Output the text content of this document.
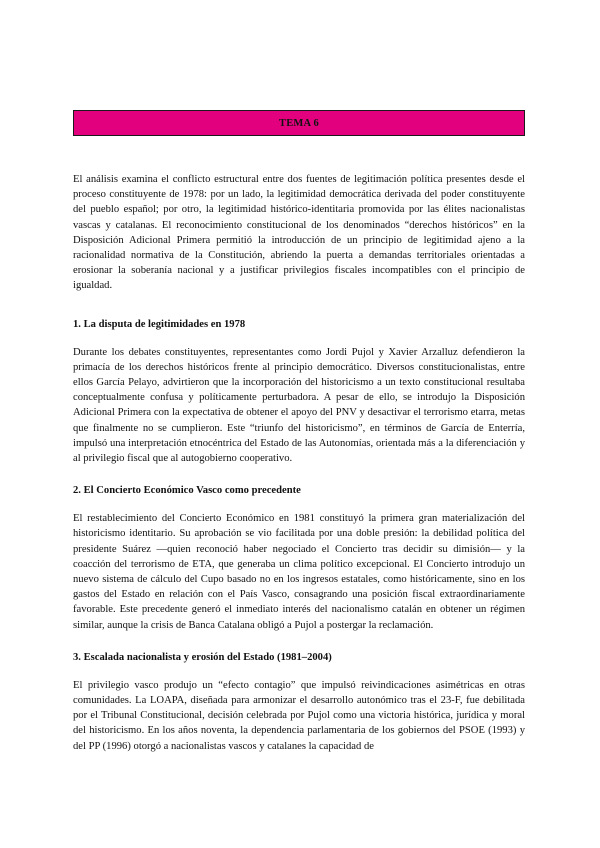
TEMA 6

El análisis examina el conflicto estructural entre dos fuentes de legitimación política presentes desde el proceso constituyente de 1978: por un lado, la legitimidad democrática derivada del poder constituyente del pueblo español; por otro, la legitimidad histórico-identitaria promovida por las élites nacionalistas vascas y catalanas. El reconocimiento constitucional de los denominados “derechos históricos” en la Disposición Adicional Primera permitió la introducción de un principio de legitimidad ajeno a la racionalidad normativa de la Constitución, abriendo la puerta a demandas territoriales orientadas a erosionar la soberanía nacional y a justificar privilegios fiscales incompatibles con el principio de igualdad.

1. La disputa de legitimidades en 1978

Durante los debates constituyentes, representantes como Jordi Pujol y Xavier Arzalluz defendieron la primacía de los derechos históricos frente al principio democrático. Diversos constitucionalistas, entre ellos García Pelayo, advirtieron que la incorporación del historicismo a un texto constitucional resultaba conceptualmente confusa y políticamente perturbadora. A pesar de ello, se introdujo la Disposición Adicional Primera con la expectativa de obtener el apoyo del PNV y desactivar el terrorismo etarra, metas que finalmente no se cumplieron. Este “triunfo del historicismo”, en términos de García de Enterría, impulsó una interpretación etnocéntrica del Estado de las Autonomías, orientada más a la diferenciación y al privilegio fiscal que al autogobierno cooperativo.

2. El Concierto Económico Vasco como precedente

El restablecimiento del Concierto Económico en 1981 constituyó la primera gran materialización del historicismo identitario. Su aprobación se vio facilitada por una doble presión: la debilidad política del presidente Suárez —quien reconoció haber negociado el Concierto tras decidir su dimisión— y la coacción del terrorismo de ETA, que generaba un clima político excepcional. El Concierto introdujo un nuevo sistema de cálculo del Cupo basado no en los ingresos estatales, como históricamente, sino en los gastos del Estado en relación con el País Vasco, consagrando una posición fiscal extraordinariamente favorable. Este precedente generó el inmediato interés del nacionalismo catalán en obtener un régimen similar, aunque la crisis de Banca Catalana obligó a Pujol a postergar la reclamación.

3. Escalada nacionalista y erosión del Estado (1981–2004)

El privilegio vasco produjo un “efecto contagio” que impulsó reivindicaciones asimétricas en otras comunidades. La LOAPA, diseñada para armonizar el desarrollo autonómico tras el 23-F, fue debilitada por el Tribunal Constitucional, decisión celebrada por Pujol como una victoria histórica, jurídica y moral del historicismo. En los años noventa, la dependencia parlamentaria de los gobiernos del PSOE (1993) y del PP (1996) otorgó a nacionalistas vascos y catalanes la capacidad de
